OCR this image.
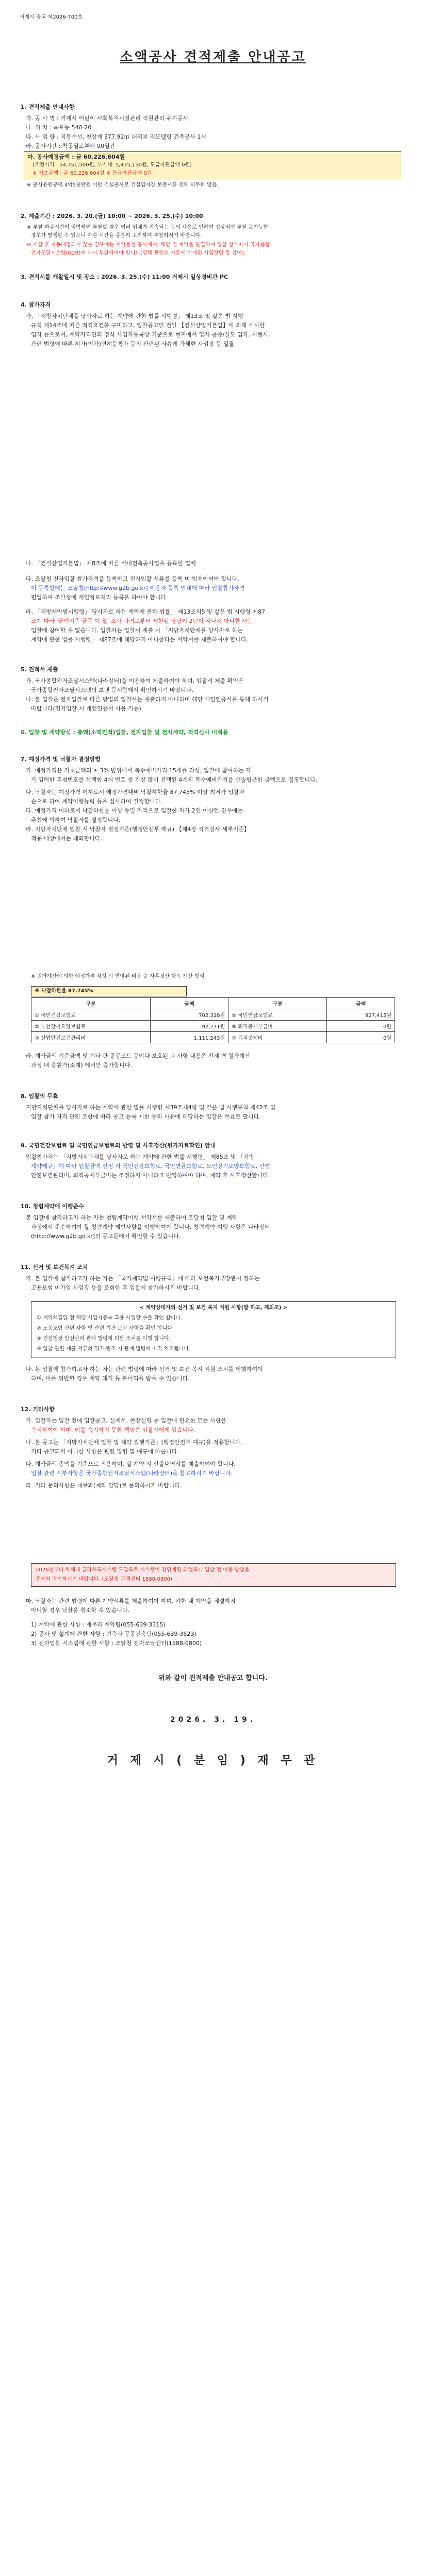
거제시 공고 제2026-700호
소액공사 견적제출 안내공고
1. 견적제출 안내사항
가. 공 사 명 : 거제시 어린이·사회복지시설관리 직원관리 유지공사
나. 위 치 : 옥포동 540-20
다. 사 업 량 : 지붕수선, 천장재 377.92㎡ 내외부 리모델링 건축공사 1식
라. 공사기간 : 착공일로부터 90일간
마. 공사예정금액 : 금 60,226,604원
(추정가격 : 54,751,500원, 부가세: 5,475,150원, 도급자관급액 0원)
※ 기초금액 : 금 60,226,604원 ※ 관급자관급액 0원
※ 공사용원공액 4억5천만원 미만 건설공사로 건설업자간 보증서류 전체 의무화 않음.
2. 제출기간 : 2026. 3. 20.(금) 10:00 ~ 2026. 3. 25.(수) 10:00
※ 투찰 마감시간이 임박하여 투찰할 경우 여러 업체가 접속되는 등의 사유로 인하여 정상적인 투찰 불가능한
경우가 발생할 수 있으니 마감 시간을 충분히 고려하여 투찰하시기 바랍니다.
※ 개찰 후 자동배정되기 않는 경우에는 계약불성 공사에서, 해당 건 계약을 단일하여 입찰 참가자시 국가종합
전자조달시스템(G2B)에 다시 투찰하여야 합니다(당해 관련된 자료에 기재된 사업장만 등 참여).
3. 견적서를 개찰일시 및 장소 : 2026. 3. 25.(수) 11:00 거제시 일상경비관 PC
4. 참가자격
가. 「지방자치단체를 당사자로 하는 계약에 관한 법률 시행령」 제13조 및 같은 법 시행
규칙 제14조에 따른 적격요건을 구비하고, 입찰공고일 전일 【건설산업기본법】에 의해 개시한
업자 등으로서, 계약자격인의 정식 사업자등록상 기준으로 현지에서 업자 공종/실도 업자, 시행사,
관련 법령에 따른 허가(인가)면허등록자 등의 관련된 사유에 가해한 사업장 등 일괄
나. 「건설산업기본법」 제8조에 따른 실내건축공사업을 등록한 업체
다. 조달청 전자입찰 참가자격을 등록하고 전자입찰 서류를 등록 미 업체이어야 합니다.
이 동록방에는 조달청(http://www.g2b.go.kr) 이용자 등록 안내에 따라 입찰참가자격
편입하여 조달청에 개인정보처리 등록을 하여야 합니다.
라. 「지방계약법시행령」 당사자로 하는 계약에 관한 법률」 제13조의5 및 같은 법 시행령 제87
조에 따라 '금액기준 금품 이 일' 조사 과거로부터 제한된 당당이 2년이 지나지 아니한 사는
입찰에 참여할 수 없습니다. 입찰자는 입찰서 제출 시 「지방자치단체를 당사자로 하는
계약에 관한 법률 시행령」 제87조에 해당하지 아니한다는 서약서를 제출하여야 합니다.
5. 견적서 제출
가. 국가종합전자조달시스템(나라장터)을 이용하여 제출하여야 하며, 입찰서 제출 확인은
국가종합전자조달시스템의 보낸 문서함에서 확인하시기 바랍니다.
나. 본 입찰은 전자입찰로 다른 방법의 입찰서는 제출하지 아니하며 해당 개인인증서를 통해 하시기
바랍니다(전자입찰 시 개인인증서 사용 가능).
6. 입찰 및 계약방식 : 총액(소액견적)입찰, 전자입찰 및 전자계약, 적격심사 미적용
7. 예정가격 및 낙찰자 결정방법
가. 예정가격은 기초금액의 ± 3% 범위에서 복수예비가격 15개를 작성, 입찰에 참여하는 자
가 입력한 추첨번호를 선택한 4개 번호 중 가장 많이 선택된 4개의 복수예비가격을 산술평균한 금액으로 결정합니다.
나. 낙찰자는 예정가격 이하로서 예정가격대비 낙찰하한율 87.745% 이상 최저가 입찰자
순으로 하여 계약이행능력 등을 심사하여 결정합니다.
다. 예정가격 이하로서 낙찰하한율 이상 동일 가격으로 입찰한 자가 2인 이상인 경우에는
추첨에 의하여 낙찰자를 결정합니다.
라. 지방자치단체 입찰 시 낙찰자 결정기준(행정안전부 예규) 【제4장 적격심사 세부기준】
적용 대상에서는 제외합니다.
※ 원가계산에 의한 예정가격 작성 시 반영된 비용 중 사후정산 항목 계산 방식
※ 낙찰하한율 87.745%
구분	금액	구분	금액
① 국민건강보험료	702,318원	⑤ 국민연금보험료	927,415원
② 노인장기요양보험료	92,271원	⑥ 퇴직공제부금비	0원
③ 산업안전보건관리비	1,111,243원	⑦ 퇴직공제비	0원
라. 계약금액 기준금액 및 기타 관 공공코드 등이다 보호된 그 사항 내용은 전체 변 원가계산
과정 내 총원가(소계) 에서만 증가합니다.
8. 입찰의 무효
지방자치단체를 당사자로 하는 계약에 관한 법률 시행령 제39조제4항 및 같은 법 시행규칙 제42조 및
입찰 참가 자격 관련 조항에 따라 공고 등록 제한 등의 사유에 해당하는 입찰은 무효로 합니다.
9. 국민건강보험료 및 국민연금보험료의 반영 및 사후정산(원가자료확인) 안내
입찰참가자는 「지방자치단체를 당사자로 하는 계약에 관한 법률 시행령」 제85조 및 「지방
계약예규」에 따라 입찰금액 산정 시 국민건강보험료, 국민연금보험료, 노인장기요양보험료, 산업
안전보건관리비, 퇴직공제부금비는 조정하지 아니하고 반영하여야 하며, 계약 후 사후정산합니다.
10. 청렴계약에 이행준수
본 입찰에 참가하고자 하는 자는 청렴계약이행 서약서를 제출하여 조달청 입찰 및 계약
과정에서 준수하여야 할 청렴계약 제반사항을 이행하여야 합니다. 청렴계약 이행 사항은 나라장터
(http://www.g2b.go.kr)의 공고문에서 확인할 수 있습니다.
11. 선거 및 보건복지 조치
가. 본 입찰에 참가하고자 하는 자는 「국가계약법 시행규칙」에 따라 보건복지부장관이 정하는
고용보험 미가입 사업장 등을 조회한 후 입찰에 참가하시기 바랍니다.
< 계약상대자의 선거 및 보건 복지 지원 사항(발 하고, 제외조) >
① 계약체결일 전 해당 사업자등록 고용 사업장 수를 확인 합니다.
② 노동조합 관련 사항 및 관련 기관 보고 사항을 확인 합니다.
③ 건설현장 안전관리 관계 법령에 의한 조치를 이행 합니다.
④ 입찰 관련 제출 서류의 위조·변조 시 관계 법령에 따라 처리됩니다.
나. 본 입찰에 참가하고자 하는 자는 관련 법령에 따라 선거 및 보건 복지 지원 조치를 이행하여야
하며, 이를 위반할 경우 계약 해지 등 불이익을 받을 수 있습니다.
12. 기타사항
가. 입찰자는 입찰 전에 입찰공고, 설계서, 현장설명 등 입찰에 필요한 모든 사항을
숙지하여야 하며, 이를 숙지하지 못한 책임은 입찰자에게 있습니다.
나. 본 공고는 「지방자치단체 입찰 및 계약 집행기준」(행정안전부 예규)을 적용합니다.
기타 공고되지 아니한 사항은 관련 법령 및 예규에 따릅니다.
다. 계약금액 총액을 기준으로 적용하며, 실 계약 시 산출내역서를 제출하여야 합니다.
입찰 관련 세부사항은 국가종합전자조달시스템(나라장터)을 참고하시기 바랍니다.
라. 기타 문의사항은 재무과(계약 담당)로 문의하시기 바랍니다.
2026년부터 차세대 클라우드시스템 도입으로 시스템이 전면개편 되었으니 입찰 전 이용 방법을
충분히 숙지하시기 바랍니다. (조달청 고객센터 1588-0800)
마. 낙찰자는 관련 법령에 따른 계약서류를 제출하여야 하며, 기한 내 계약을 체결하지
아니할 경우 낙찰을 취소할 수 있습니다.
1) 계약에 관한 사항 : 재무과 계약팀(055-639-3315)
2) 공사 및 설계에 관한 사항 : 건축과 공공건축팀(055-639-3523)
3) 전자입찰 시스템에 관한 사항 : 조달청 전자조달센터(1588-0800)
위와 같이 견적제출 안내공고 합니다.
2026. 3. 19.
거 제 시 ( 분 임 ) 재 무 관
